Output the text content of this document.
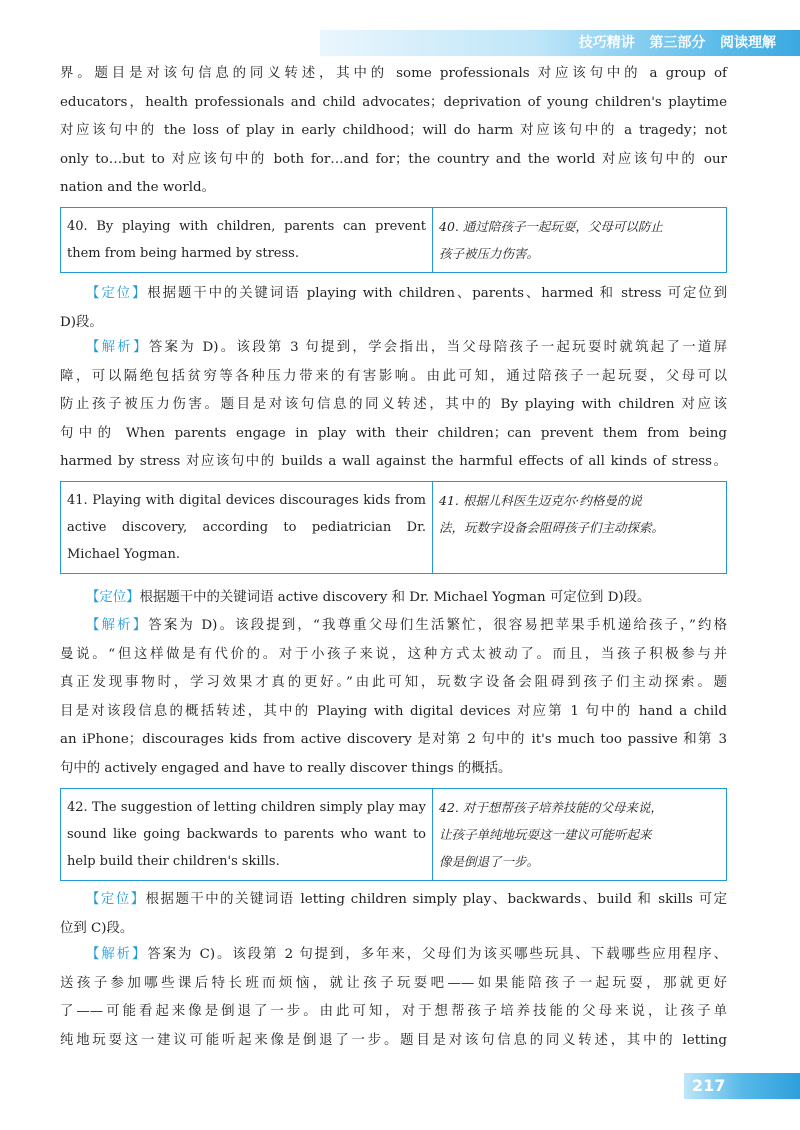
技巧精讲   第三部分   阅读理解
界。题目是对该句信息的同义转述，其中的 some professionals 对应该句中的 a group of
educators，health professionals and child advocates；deprivation of young children's playtime
对应该句中的 the loss of play in early childhood；will do harm 对应该句中的 a tragedy；not
only to…but to 对应该句中的 both for…and for；the country and the world 对应该句中的 our
nation and the world。
40. By playing with children, parents can prevent
them from being harmed by stress.
40. 通过陪孩子一起玩耍，父母可以防止
孩子被压力伤害。
【定位】根据题干中的关键词语 playing with children、parents、harmed 和 stress 可定位到
D)段。
【解析】答案为 D)。该段第 3 句提到，学会指出，当父母陪孩子一起玩耍时就筑起了一道屏
障，可以隔绝包括贫穷等各种压力带来的有害影响。由此可知，通过陪孩子一起玩耍，父母可以
防止孩子被压力伤害。题目是对该句信息的同义转述，其中的 By playing with children 对应该
句中的 When parents engage in play with their children；can prevent them from being
harmed by stress 对应该句中的 builds a wall against the harmful effects of all kinds of stress。
41. Playing with digital devices discourages kids from
active discovery, according to pediatrician Dr.
Michael Yogman.
41. 根据儿科医生迈克尔·约格曼的说
法，玩数字设备会阻碍孩子们主动探索。
【定位】根据题干中的关键词语 active discovery 和 Dr. Michael Yogman 可定位到 D)段。
【解析】答案为 D)。该段提到，“我尊重父母们生活繁忙，很容易把苹果手机递给孩子，”约格
曼说。“但这样做是有代价的。对于小孩子来说，这种方式太被动了。而且，当孩子积极参与并
真正发现事物时，学习效果才真的更好。”由此可知，玩数字设备会阻碍到孩子们主动探索。题
目是对该段信息的概括转述，其中的 Playing with digital devices 对应第 1 句中的 hand a child
an iPhone；discourages kids from active discovery 是对第 2 句中的 it's much too passive 和第 3
句中的 actively engaged and have to really discover things 的概括。
42. The suggestion of letting children simply play may
sound like going backwards to parents who want to
help build their children's skills.
42. 对于想帮孩子培养技能的父母来说，
让孩子单纯地玩耍这一建议可能听起来
像是倒退了一步。
【定位】根据题干中的关键词语 letting children simply play、backwards、build 和 skills 可定
位到 C)段。
【解析】答案为 C)。该段第 2 句提到，多年来，父母们为该买哪些玩具、下载哪些应用程序、
送孩子参加哪些课后特长班而烦恼，就让孩子玩耍吧——如果能陪孩子一起玩耍，那就更好
了——可能看起来像是倒退了一步。由此可知，对于想帮孩子培养技能的父母来说，让孩子单
纯地玩耍这一建议可能听起来像是倒退了一步。题目是对该句信息的同义转述，其中的 letting
217
